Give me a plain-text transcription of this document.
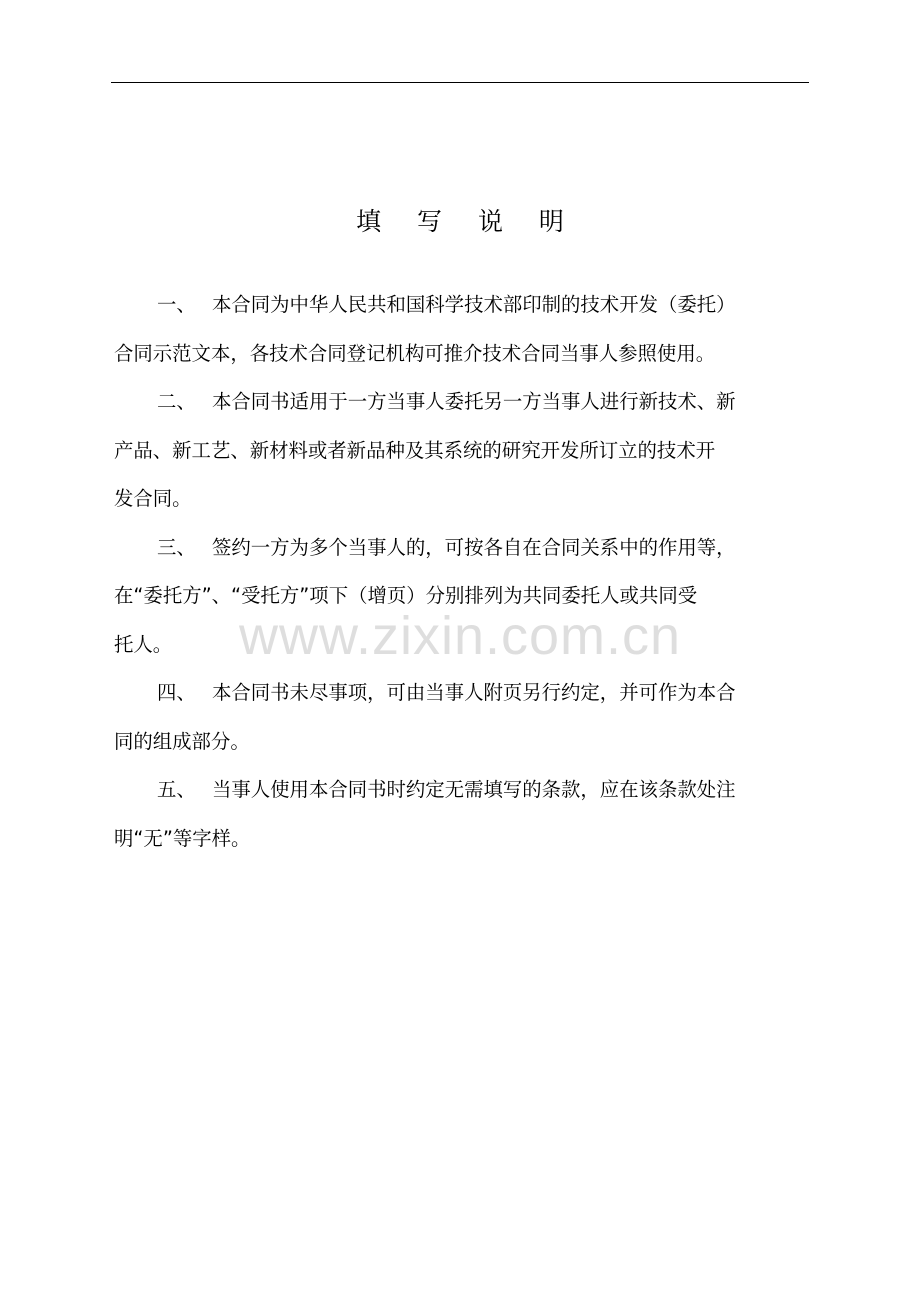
填 写 说 明
www.zixin.com.cn
一、 本合同为中华人民共和国科学技术部印制的技术开发（委托）
合同示范文本，各技术合同登记机构可推介技术合同当事人参照使用。
二、 本合同书适用于一方当事人委托另一方当事人进行新技术、新
产品、新工艺、新材料或者新品种及其系统的研究开发所订立的技术开
发合同。
三、 签约一方为多个当事人的，可按各自在合同关系中的作用等，
在“委托方”、“受托方”项下（增页）分别排列为共同委托人或共同受
托人。
四、 本合同书未尽事项，可由当事人附页另行约定，并可作为本合
同的组成部分。
五、 当事人使用本合同书时约定无需填写的条款，应在该条款处注
明“无”等字样。
